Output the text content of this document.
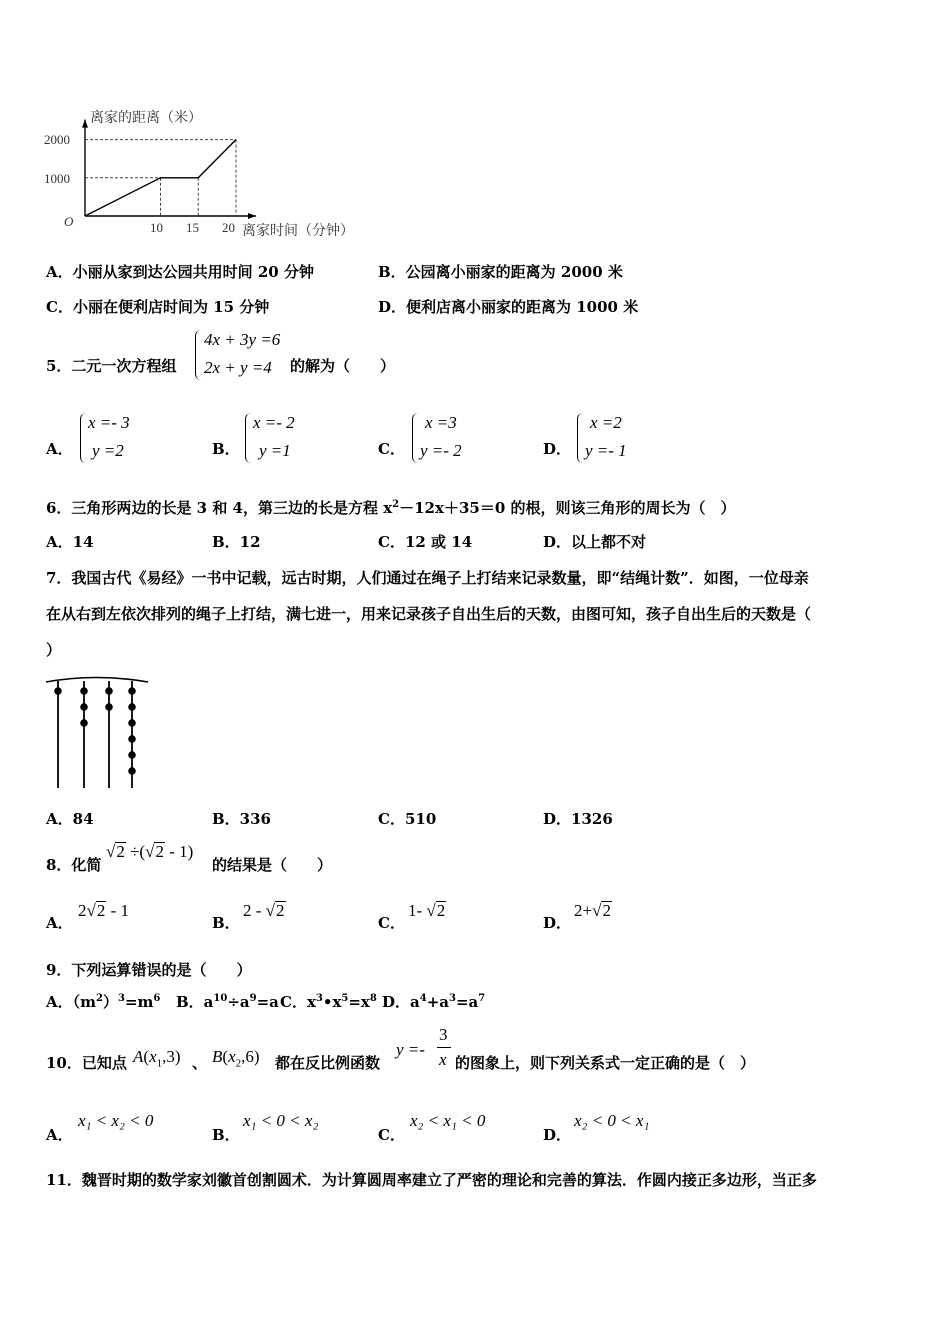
离家的距离（米）
离家时间（分钟）
O
2000
1000
10 15 20
A．小丽从家到达公园共用时间 20 分钟	B．公园离小丽家的距离为 2000 米
C．小丽在便利店时间为 15 分钟	D．便利店离小丽家的距离为 1000 米
5．二元一次方程组
4x + 3y =6
2x + y =4 的解为（　　）
A．
x =- 3
y =2	B．
x =- 2
y =1	C．
x =3
y =- 2	D．
x =2
y =- 1
6．三角形两边的长是 3 和 4，第三边的长是方程 $x^2-12x+35=0$ 的根，则该三角形的周长为（　）
A．14	B．12	C．12 或 14	D．以上都不对
7．我国古代《易经》一书中记载，远古时期，人们通过在绳子上打结来记录数量，即“结绳计数”．如图，一位母亲
在从右到左依次排列的绳子上打结，满七进一，用来记录孩子自出生后的天数，由图可知，孩子自出生后的天数是（
）
A．84	B．336	C．510	D．1326
8．化简
√2 ÷(√2 - 1)
的结果是（　　）
A．
2√2 - 1
B．
2 - √2
C．
1- √2
D．
2+√2
9．下列运算错误的是（　　）
A．$(m^2)^3=m^6$ B．$a^{10}\div a^9=a$ C．$x^3•x^5=x^8$ D．$a^4+a^3=a^7$
10．已知点 $A(x_1,3)$ 、 $B(x_2,6)$ 都在反比例函数
y =-
3
x 的图象上，则下列关系式一定正确的是（　）
A．
x₁ < x₂ < 0
B．
x₁ < 0 < x₂
C．
x₂ < x₁ < 0
D．
x₂ < 0 < x₁
11．魏晋时期的数学家刘徽首创割圆术．为计算圆周率建立了严密的理论和完善的算法．作圆内接正多边形，当正多
